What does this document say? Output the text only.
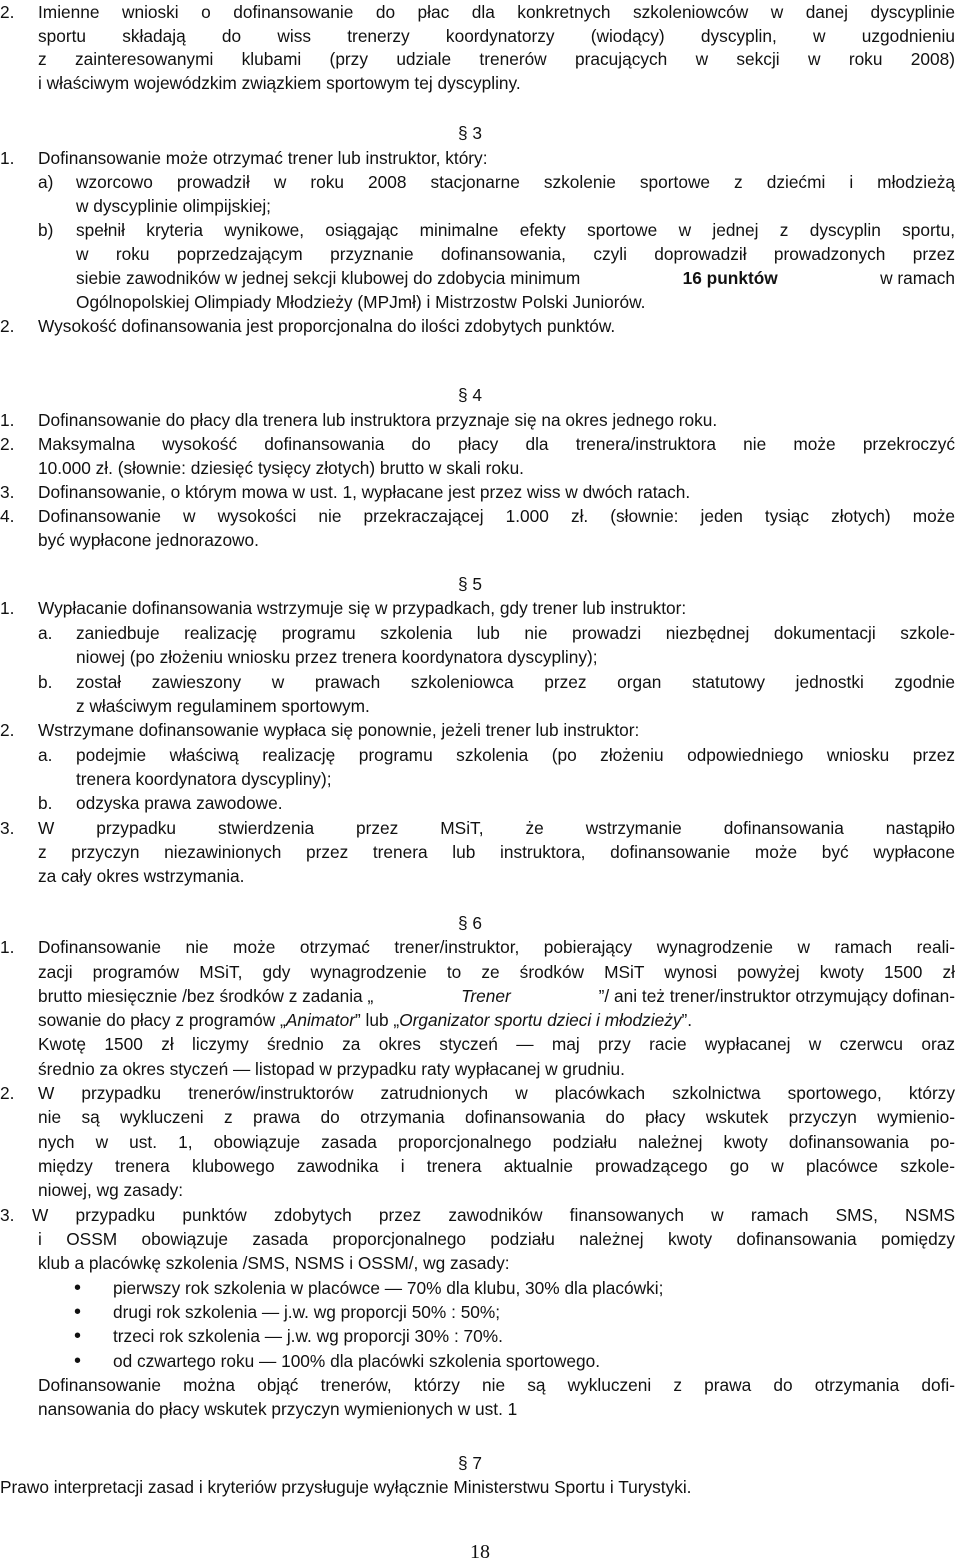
2. Imienne wnioski o dofinansowanie do płac dla konkretnych szkoleniowców w danej dyscyplinie
sportu składają do wiss trenerzy koordynatorzy (wiodący) dyscyplin, w uzgodnieniu
z zainteresowanymi klubami (przy udziale trenerów pracujących w sekcji w roku 2008)
i właściwym wojewódzkim związkiem sportowym tej dyscypliny.
§ 3
1. Dofinansowanie może otrzymać trener lub instruktor, który:
a) wzorcowo prowadził w roku 2008 stacjonarne szkolenie sportowe z dziećmi i młodzieżą
w dyscyplinie olimpijskiej;
b) spełnił kryteria wynikowe, osiągając minimalne efekty sportowe w jednej z dyscyplin sportu,
w roku poprzedzającym przyznanie dofinansowania, czyli doprowadził prowadzonych przez
siebie zawodników w jednej sekcji klubowej do zdobycia minimum	16 punktów	w ramach
Ogólnopolskiej Olimpiady Młodzieży (MPJmł) i Mistrzostw Polski Juniorów.
2. Wysokość dofinansowania jest proporcjonalna do ilości zdobytych punktów.
§ 4
1. Dofinansowanie do płacy dla trenera lub instruktora przyznaje się na okres jednego roku.
2. Maksymalna wysokość dofinansowania do płacy dla trenera/instruktora nie może przekroczyć
10.000 zł. (słownie: dziesięć tysięcy złotych) brutto w skali roku.
3. Dofinansowanie, o którym mowa w ust. 1, wypłacane jest przez wiss w dwóch ratach.
4. Dofinansowanie w wysokości nie przekraczającej 1.000 zł. (słownie: jeden tysiąc złotych) może
być wypłacone jednorazowo.
§ 5
1. Wypłacanie dofinansowania wstrzymuje się w przypadkach, gdy trener lub instruktor:
a. zaniedbuje realizację programu szkolenia lub nie prowadzi niezbędnej dokumentacji szkole-
niowej (po złożeniu wniosku przez trenera koordynatora dyscypliny);
b. został zawieszony w prawach szkoleniowca przez organ statutowy jednostki zgodnie
z właściwym regulaminem sportowym.
2. Wstrzymane dofinansowanie wypłaca się ponownie, jeżeli trener lub instruktor:
a. podejmie właściwą realizację programu szkolenia (po złożeniu odpowiedniego wniosku przez
trenera koordynatora dyscypliny);
b. odzyska prawa zawodowe.
3. W przypadku stwierdzenia przez MSiT, że wstrzymanie dofinansowania nastąpiło
z przyczyn niezawinionych przez trenera lub instruktora, dofinansowanie może być wypłacone
za cały okres wstrzymania.
§ 6
1. Dofinansowanie nie może otrzymać trener/instruktor, pobierający wynagrodzenie w ramach reali-
zacji programów MSiT, gdy wynagrodzenie to ze środków MSiT wynosi powyżej kwoty 1500 zł
brutto miesięcznie /bez środków z zadania „	Trener	”/ ani też trener/instruktor otrzymujący dofinan-
sowanie do płacy z programów „Animator” lub „Organizator sportu dzieci i młodzieży”.
Kwotę 1500 zł liczymy średnio za okres styczeń — maj przy racie wypłacanej w czerwcu oraz
średnio za okres styczeń — listopad w przypadku raty wypłacanej w grudniu.
2. W przypadku trenerów/instruktorów zatrudnionych w placówkach szkolnictwa sportowego, którzy
nie są wykluczeni z prawa do otrzymania dofinansowania do płacy wskutek przyczyn wymienio-
nych w ust. 1, obowiązuje zasada proporcjonalnego podziału należnej kwoty dofinansowania po-
między trenera klubowego zawodnika i trenera aktualnie prowadzącego go w placówce szkole-
niowej, wg zasady:
3. W przypadku punktów zdobytych przez zawodników finansowanych w ramach SMS, NSMS
i OSSM obowiązuje zasada proporcjonalnego podziału należnej kwoty dofinansowania pomiędzy
klub a placówkę szkolenia /SMS, NSMS i OSSM/, wg zasady:
• pierwszy rok szkolenia w placówce — 70% dla klubu, 30% dla placówki;
• drugi rok szkolenia — j.w. wg proporcji 50% : 50%;
• trzeci rok szkolenia — j.w. wg proporcji 30% : 70%.
• od czwartego roku — 100% dla placówki szkolenia sportowego.
Dofinansowanie można objąć trenerów, którzy nie są wykluczeni z prawa do otrzymania dofi-
nansowania do płacy wskutek przyczyn wymienionych w ust. 1
§ 7
Prawo interpretacji zasad i kryteriów przysługuje wyłącznie Ministerstwu Sportu i Turystyki.
18
